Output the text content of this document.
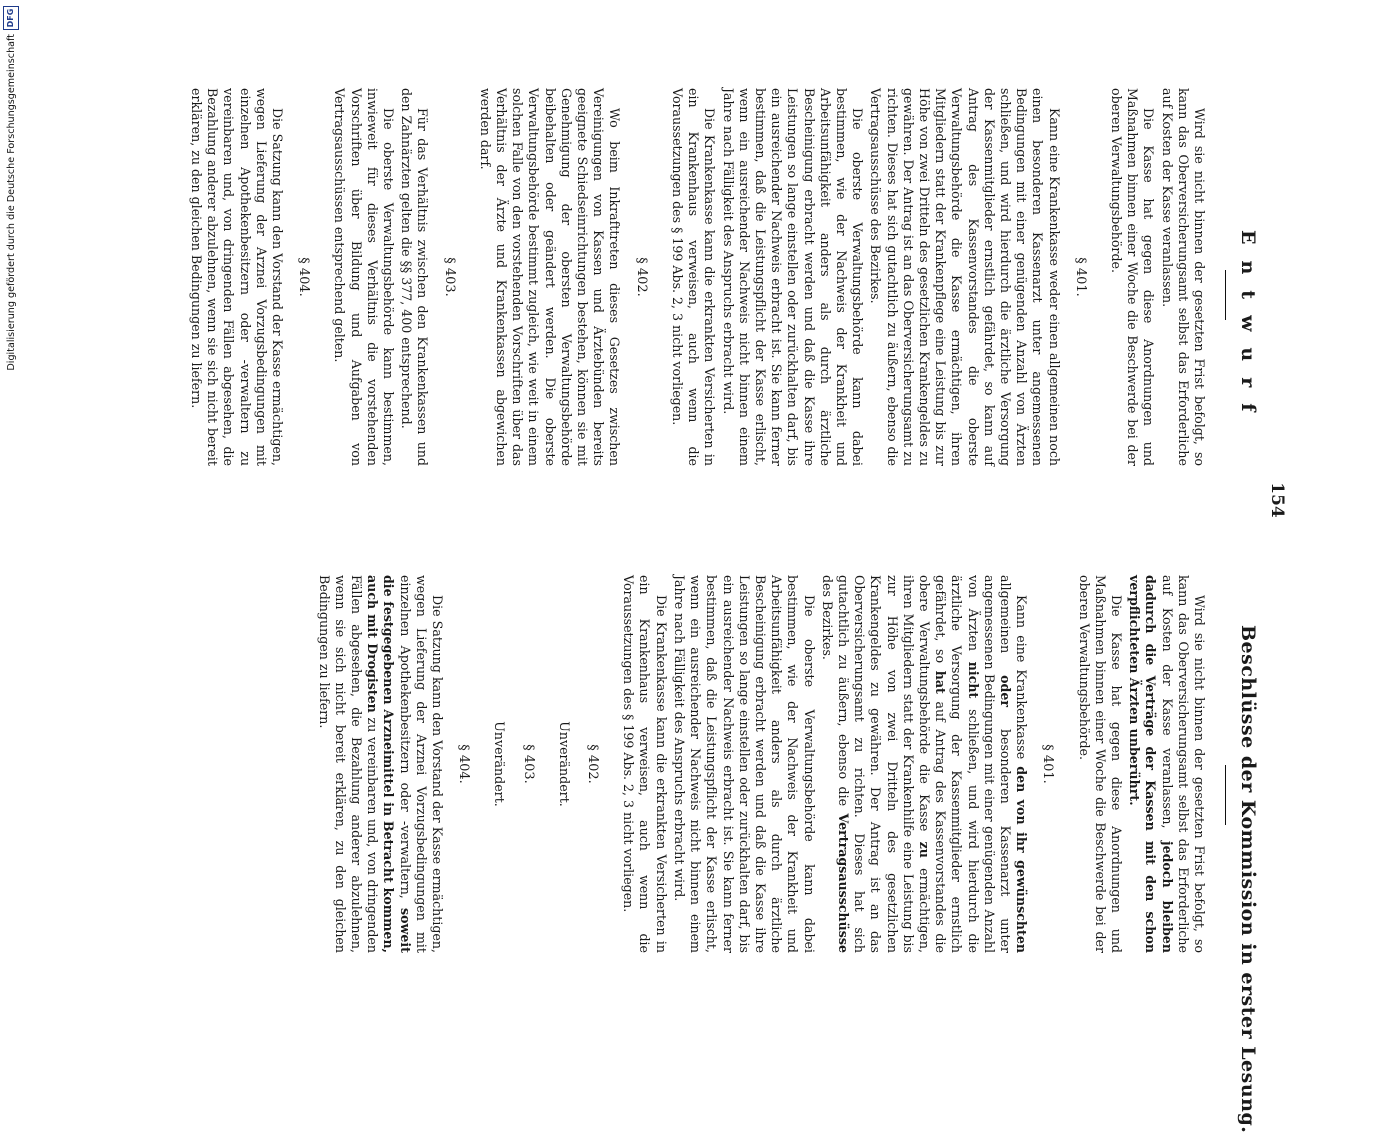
154
Entwurf
Beschlüsse der Kommission in erster Lesung.

Wird sie nicht binnen der gesetzten Frist befolgt, so kann das Oberversicherungsamt selbst das Erforderliche auf Kosten der Kasse veranlassen.

Die Kasse hat gegen diese Anordnungen und Maßnahmen binnen einer Woche die Beschwerde bei der oberen Verwaltungsbehörde.

§ 401.

Kann eine Krankenkasse weder einen allgemeinen noch einen besonderen Kassenarzt unter angemessenen Bedingungen mit einer genügenden Anzahl von Ärzten schließen, und wird hierdurch die ärztliche Versorgung der Kassenmitglieder ernstlich gefährdet, so kann auf Antrag des Kassenvorstandes die oberste Verwaltungsbehörde die Kasse ermächtigen, ihren Mitgliedern statt der Krankenpflege eine Leistung bis zur Höhe von zwei Dritteln des gesetzlichen Krankengeldes zu gewähren. Der Antrag ist an das Oberversicherungsamt zu richten. Dieses hat sich gutachtlich zu äußern, ebenso die Vertragsausschüsse des Bezirkes.

Die oberste Verwaltungsbehörde kann dabei bestimmen, wie der Nachweis der Krankheit und Arbeitsunfähigkeit anders als durch ärztliche Bescheinigung erbracht werden und daß die Kasse ihre Leistungen so lange einstellen oder zurückhalten darf, bis ein ausreichender Nachweis erbracht ist. Sie kann ferner bestimmen, daß die Leistungspflicht der Kasse erlischt, wenn ein ausreichender Nachweis nicht binnen einem Jahre nach Fälligkeit des Anspruchs erbracht wird.

Die Krankenkasse kann die erkrankten Versicherten in ein Krankenhaus verweisen, auch wenn die Voraussetzungen des § 199 Abs. 2, 3 nicht vorliegen.

§ 402.

Wo beim Inkrafttreten dieses Gesetzes zwischen Vereinigungen von Kassen und Ärztebünden bereits geeignete Schiedseinrichtungen bestehen, können sie mit Genehmigung der obersten Verwaltungsbehörde beibehalten oder geändert werden. Die oberste Verwaltungsbehörde bestimmt zugleich, wie weit in einem solchen Falle von den vorstehenden Vorschriften über das Verhältnis der Ärzte und Krankenkassen abgewichen werden darf.

§ 403.

Für das Verhältnis zwischen den Krankenkassen und den Zahnärzten gelten die §§ 377, 400 entsprechend.

Die oberste Verwaltungsbehörde kann bestimmen, inwieweit für dieses Verhältnis die vorstehenden Vorschriften über Bildung und Aufgaben von Vertragsausschüssen entsprechend gelten.

§ 404.

Die Satzung kann den Vorstand der Kasse ermächtigen, wegen Lieferung der Arznei Vorzugsbedingungen mit einzelnen Apothekenbesitzern oder -verwaltern zu vereinbaren und, von dringenden Fällen abgesehen, die Bezahlung anderer abzulehnen, wenn sie sich nicht bereit erklären, zu den gleichen Bedingungen zu liefern.

Wird sie nicht binnen der gesetzten Frist befolgt, so kann das Oberversicherungsamt selbst das Erforderliche auf Kosten der Kasse veranlassen, jedoch bleiben dadurch die Verträge der Kassen mit den schon verpflichteten Ärzten unberührt.

Die Kasse hat gegen diese Anordnungen und Maßnahmen binnen einer Woche die Beschwerde bei der oberen Verwaltungsbehörde.

§ 401.

Kann eine Krankenkasse den von ihr gewünschten allgemeinen oder besonderen Kassenarzt unter angemessenen Bedingungen mit einer genügenden Anzahl von Ärzten nicht schließen, und wird hierdurch die ärztliche Versorgung der Kassenmitglieder ernstlich gefährdet, so hat auf Antrag des Kassenvorstandes die obere Verwaltungsbehörde die Kasse zu ermächtigen, ihren Mitgliedern statt der Krankenhilfe eine Leistung bis zur Höhe von zwei Dritteln des gesetzlichen Krankengeldes zu gewähren. Der Antrag ist an das Oberversicherungsamt zu richten. Dieses hat sich gutachtlich zu äußern, ebenso die Vertragsausschüsse des Bezirkes.

Die oberste Verwaltungsbehörde kann dabei bestimmen, wie der Nachweis der Krankheit und Arbeitsunfähigkeit anders als durch ärztliche Bescheinigung erbracht werden und daß die Kasse ihre Leistungen so lange einstellen oder zurückhalten darf, bis ein ausreichender Nachweis erbracht ist. Sie kann ferner bestimmen, daß die Leistungspflicht der Kasse erlischt, wenn ein ausreichender Nachweis nicht binnen einem Jahre nach Fälligkeit des Anspruchs erbracht wird.

Die Krankenkasse kann die erkrankten Versicherten in ein Krankenhaus verweisen, auch wenn die Voraussetzungen des § 199 Abs. 2, 3 nicht vorliegen.

§ 402.
Unverändert.
§ 403.
Unverändert.
§ 404.

Die Satzung kann den Vorstand der Kasse ermächtigen, wegen Lieferung der Arznei Vorzugsbedingungen mit einzelnen Apothekenbesitzern oder -verwaltern, soweit die festgegebenen Arzneimittel in Betracht kommen, auch mit Drogisten zu vereinbaren und, von dringenden Fällen abgesehen, die Bezahlung anderer abzulehnen, wenn sie sich nicht bereit erklären, zu den gleichen Bedingungen zu liefern.

Digitalisierung gefördert durch die Deutsche Forschungsgemeinschaft
DFG
